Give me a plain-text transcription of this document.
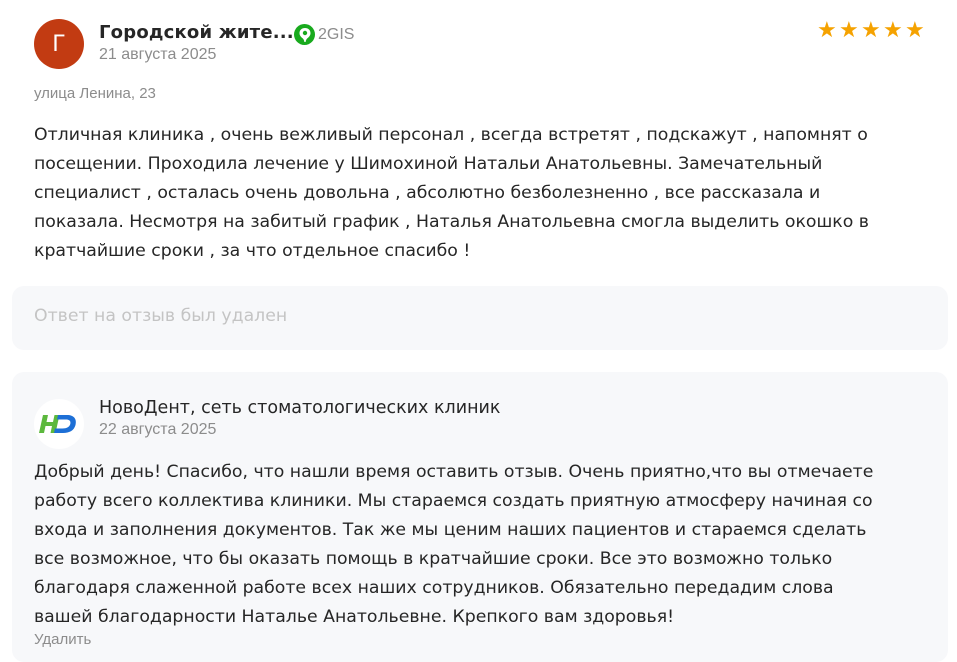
Г Городской жите... 2GIS
21 августа 2025
★ ★ ★ ★ ★
улица Ленина, 23
Отличная клиника , очень вежливый персонал , всегда встретят , подскажут , напомнят о
посещении. Проходила лечение у Шимохиной Натальи Анатольевны. Замечательный
специалист , осталась очень довольна , абсолютно безболезненно , все рассказала и
показала. Несмотря на забитый график , Наталья Анатольевна смогла выделить окошко в
кратчайшие сроки , за что отдельное спасибо !
Ответ на отзыв был удален
НовоДент, сеть стоматологических клиник
22 августа 2025
Добрый день! Спасибо, что нашли время оставить отзыв. Очень приятно,что вы отмечаете
работу всего коллектива клиники. Мы стараемся создать приятную атмосферу начиная со
входа и заполнения документов. Так же мы ценим наших пациентов и стараемся сделать
все возможное, что бы оказать помощь в кратчайшие сроки. Все это возможно только
благодаря слаженной работе всех наших сотрудников. Обязательно передадим слова
вашей благодарности Наталье Анатольевне. Крепкого вам здоровья!
Удалить
